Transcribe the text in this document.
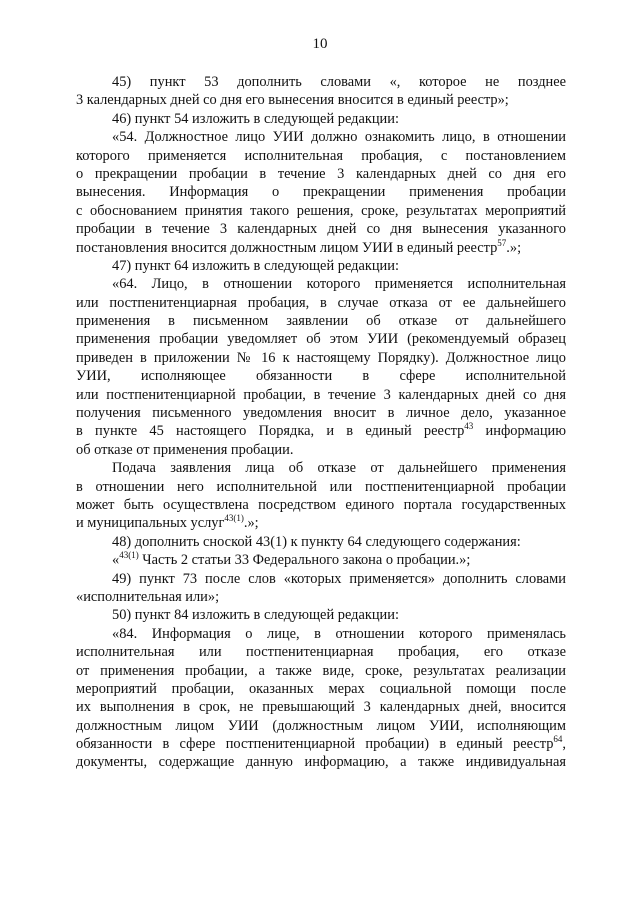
10
45) пункт 53 дополнить словами «, которое не позднее
3 календарных дней со дня его вынесения вносится в единый реестр»;
46) пункт 54 изложить в следующей редакции:
«54. Должностное лицо УИИ должно ознакомить лицо, в отношении
которого применяется исполнительная пробация, с постановлением
о прекращении пробации в течение 3 календарных дней со дня его
вынесения. Информация о прекращении применения пробации
с обоснованием принятия такого решения, сроке, результатах мероприятий
пробации в течение 3 календарных дней со дня вынесения указанного
постановления вносится должностным лицом УИИ в единый реестр$^{57}$.»;
47) пункт 64 изложить в следующей редакции:
«64. Лицо, в отношении которого применяется исполнительная
или постпенитенциарная пробация, в случае отказа от ее дальнейшего
применения в письменном заявлении об отказе от дальнейшего
применения пробации уведомляет об этом УИИ (рекомендуемый образец
приведен в приложении № 16 к настоящему Порядку). Должностное лицо
УИИ, исполняющее обязанности в сфере исполнительной
или постпенитенциарной пробации, в течение 3 календарных дней со дня
получения письменного уведомления вносит в личное дело, указанное
в пункте 45 настоящего Порядка, и в единый реестр$^{43}$ информацию
об отказе от применения пробации.
Подача заявления лица об отказе от дальнейшего применения
в отношении него исполнительной или постпенитенциарной пробации
может быть осуществлена посредством единого портала государственных
и муниципальных услуг$^{43(1)}$.»;
48) дополнить сноской 43(1) к пункту 64 следующего содержания:
«$^{43(1)}$ Часть 2 статьи 33 Федерального закона о пробации.»;
49) пункт 73 после слов «которых применяется» дополнить словами
«исполнительная или»;
50) пункт 84 изложить в следующей редакции:
«84. Информация о лице, в отношении которого применялась
исполнительная или постпенитенциарная пробация, его отказе
от применения пробации, а также виде, сроке, результатах реализации
мероприятий пробации, оказанных мерах социальной помощи после
их выполнения в срок, не превышающий 3 календарных дней, вносится
должностным лицом УИИ (должностным лицом УИИ, исполняющим
обязанности в сфере постпенитенциарной пробации) в единый реестр$^{64}$,
документы, содержащие данную информацию, а также индивидуальная
